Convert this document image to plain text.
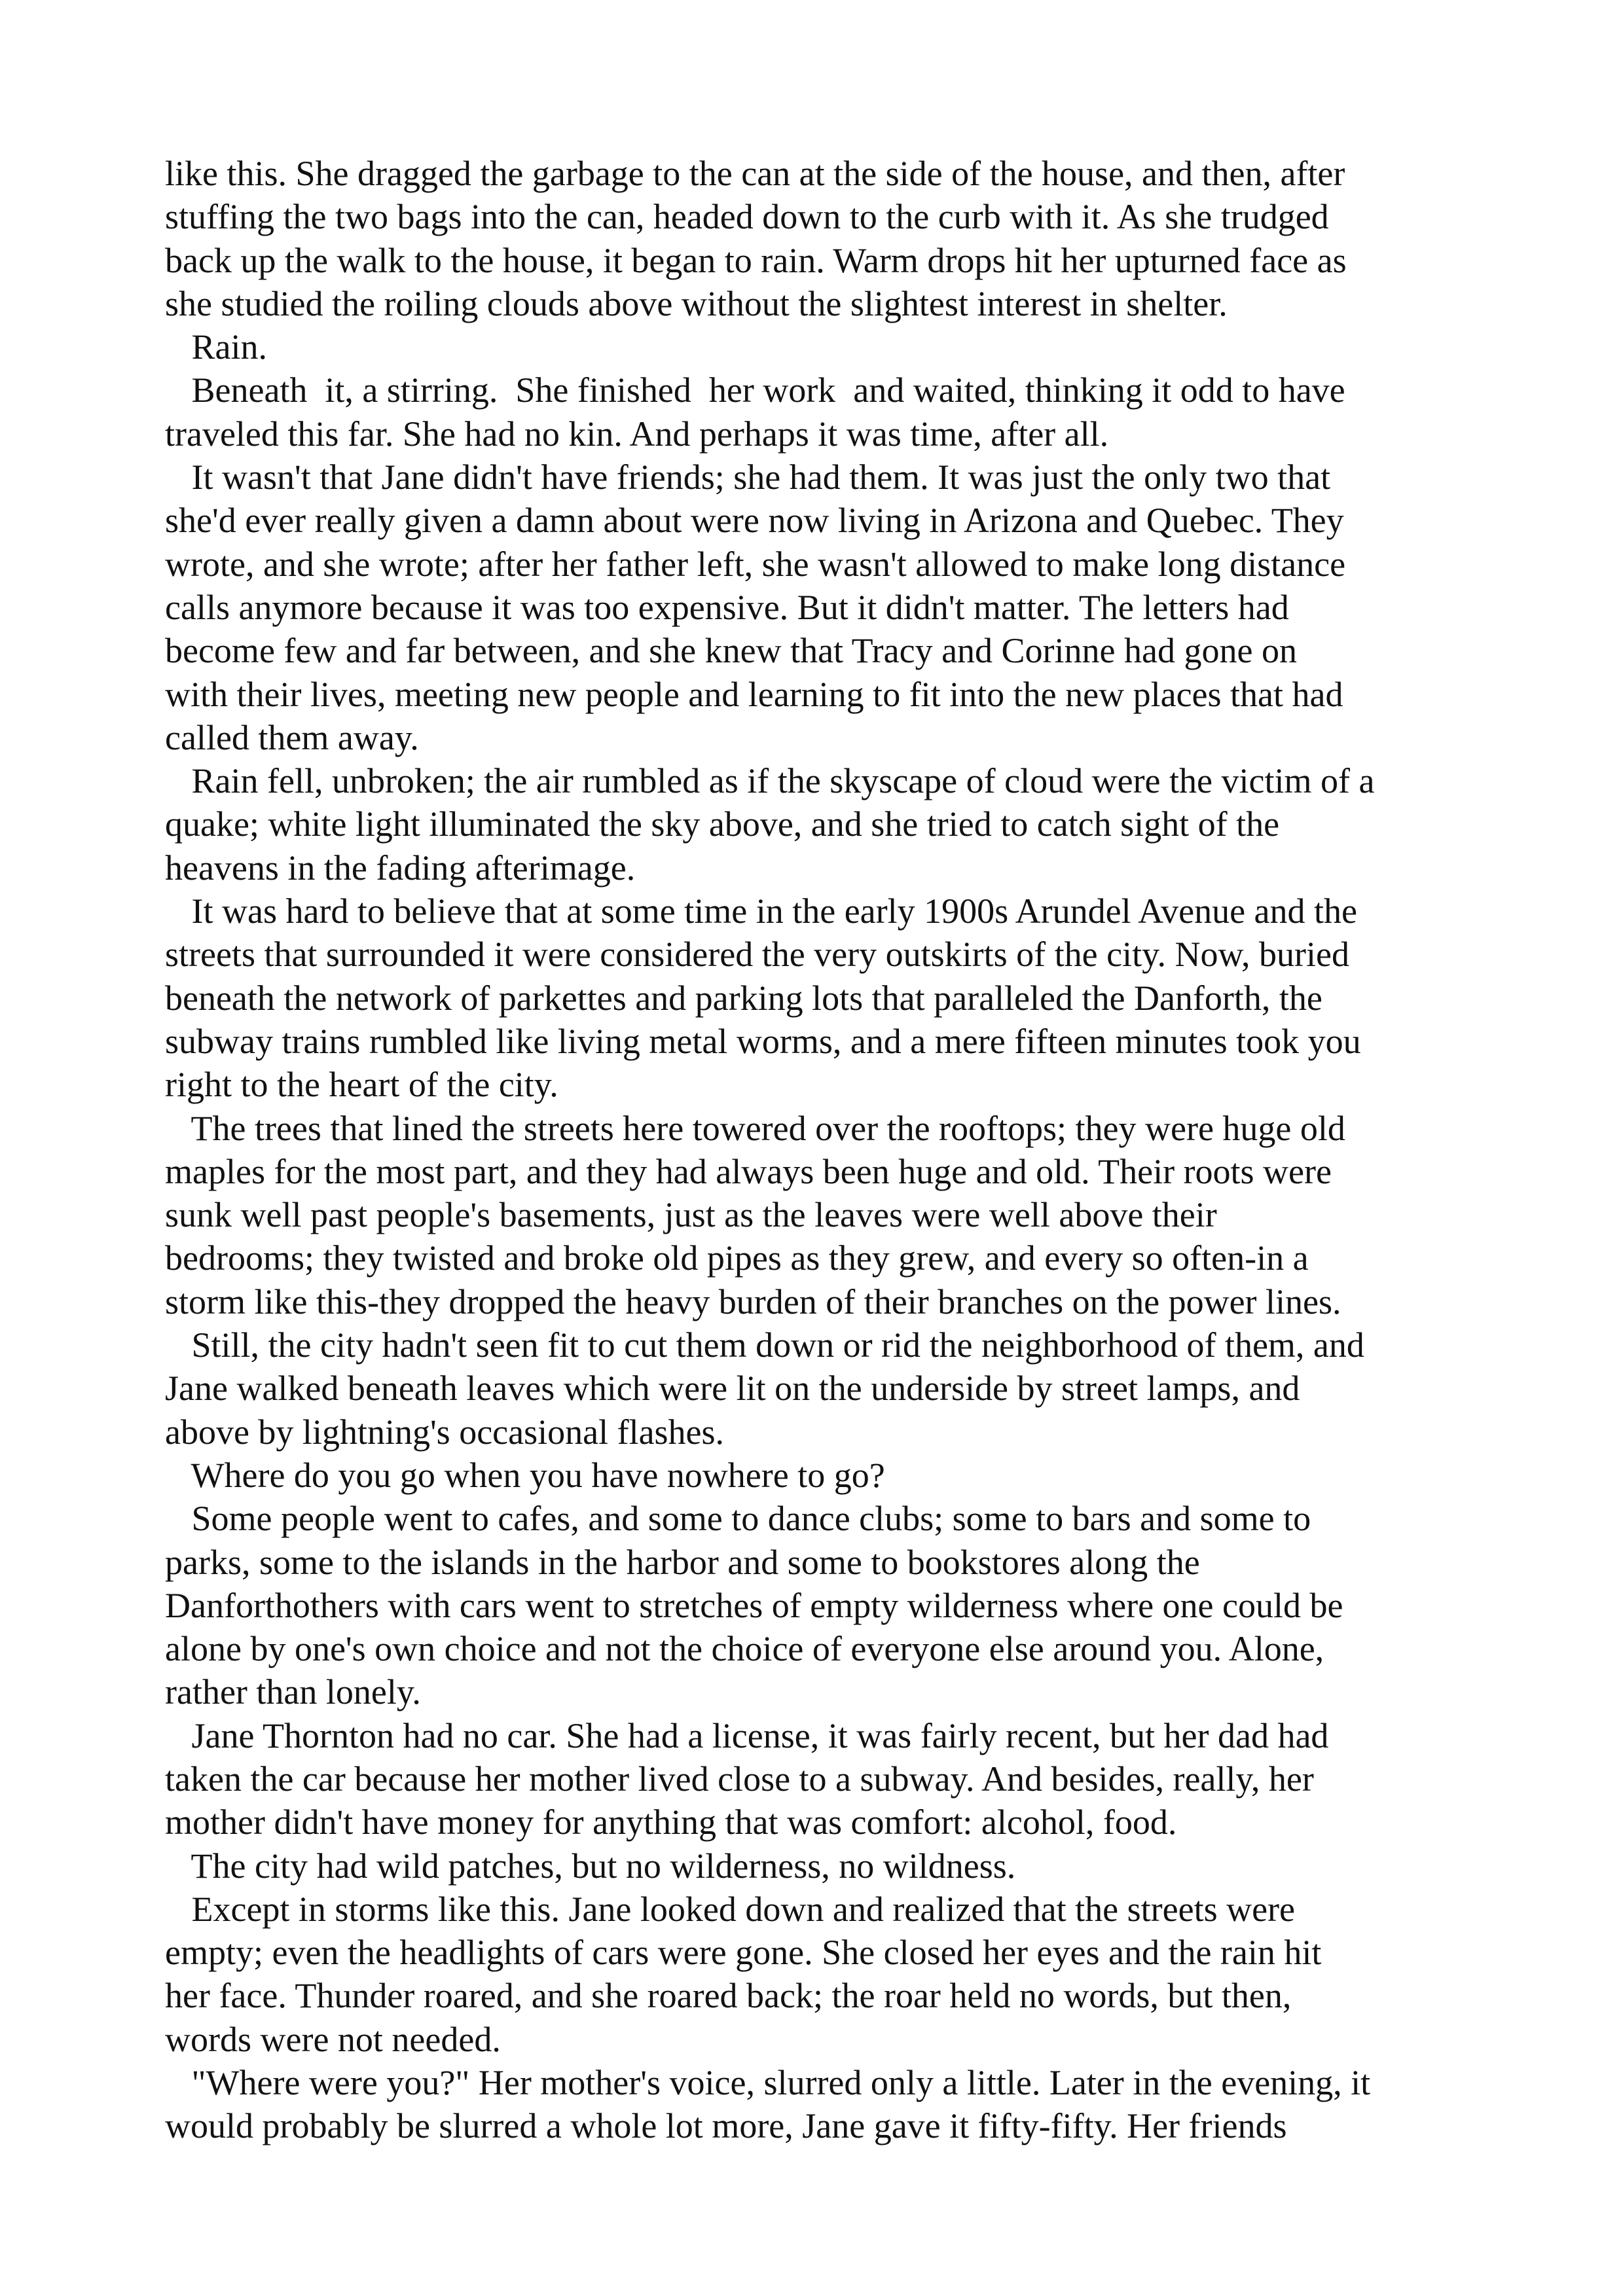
like this. She dragged the garbage to the can at the side of the house, and then, after
stuffing the two bags into the can, headed down to the curb with it. As she trudged
back up the walk to the house, it began to rain. Warm drops hit her upturned face as
she studied the roiling clouds above without the slightest interest in shelter.
Rain.
Beneath  it, a stirring.  She finished  her work  and waited, thinking it odd to have
traveled this far. She had no kin. And perhaps it was time, after all.
It wasn't that Jane didn't have friends; she had them. It was just the only two that
she'd ever really given a damn about were now living in Arizona and Quebec. They
wrote, and she wrote; after her father left, she wasn't allowed to make long distance
calls anymore because it was too expensive. But it didn't matter. The letters had
become few and far between, and she knew that Tracy and Corinne had gone on
with their lives, meeting new people and learning to fit into the new places that had
called them away.
Rain fell, unbroken; the air rumbled as if the skyscape of cloud were the victim of a
quake; white light illuminated the sky above, and she tried to catch sight of the
heavens in the fading afterimage.
It was hard to believe that at some time in the early 1900s Arundel Avenue and the
streets that surrounded it were considered the very outskirts of the city. Now, buried
beneath the network of parkettes and parking lots that paralleled the Danforth, the
subway trains rumbled like living metal worms, and a mere fifteen minutes took you
right to the heart of the city.
The trees that lined the streets here towered over the rooftops; they were huge old
maples for the most part, and they had always been huge and old. Their roots were
sunk well past people's basements, just as the leaves were well above their
bedrooms; they twisted and broke old pipes as they grew, and every so often-in a
storm like this-they dropped the heavy burden of their branches on the power lines.
Still, the city hadn't seen fit to cut them down or rid the neighborhood of them, and
Jane walked beneath leaves which were lit on the underside by street lamps, and
above by lightning's occasional flashes.
Where do you go when you have nowhere to go?
Some people went to cafes, and some to dance clubs; some to bars and some to
parks, some to the islands in the harbor and some to bookstores along the
Danforthothers with cars went to stretches of empty wilderness where one could be
alone by one's own choice and not the choice of everyone else around you. Alone,
rather than lonely.
Jane Thornton had no car. She had a license, it was fairly recent, but her dad had
taken the car because her mother lived close to a subway. And besides, really, her
mother didn't have money for anything that was comfort: alcohol, food.
The city had wild patches, but no wilderness, no wildness.
Except in storms like this. Jane looked down and realized that the streets were
empty; even the headlights of cars were gone. She closed her eyes and the rain hit
her face. Thunder roared, and she roared back; the roar held no words, but then,
words were not needed.
"Where were you?" Her mother's voice, slurred only a little. Later in the evening, it
would probably be slurred a whole lot more, Jane gave it fifty-fifty. Her friends
